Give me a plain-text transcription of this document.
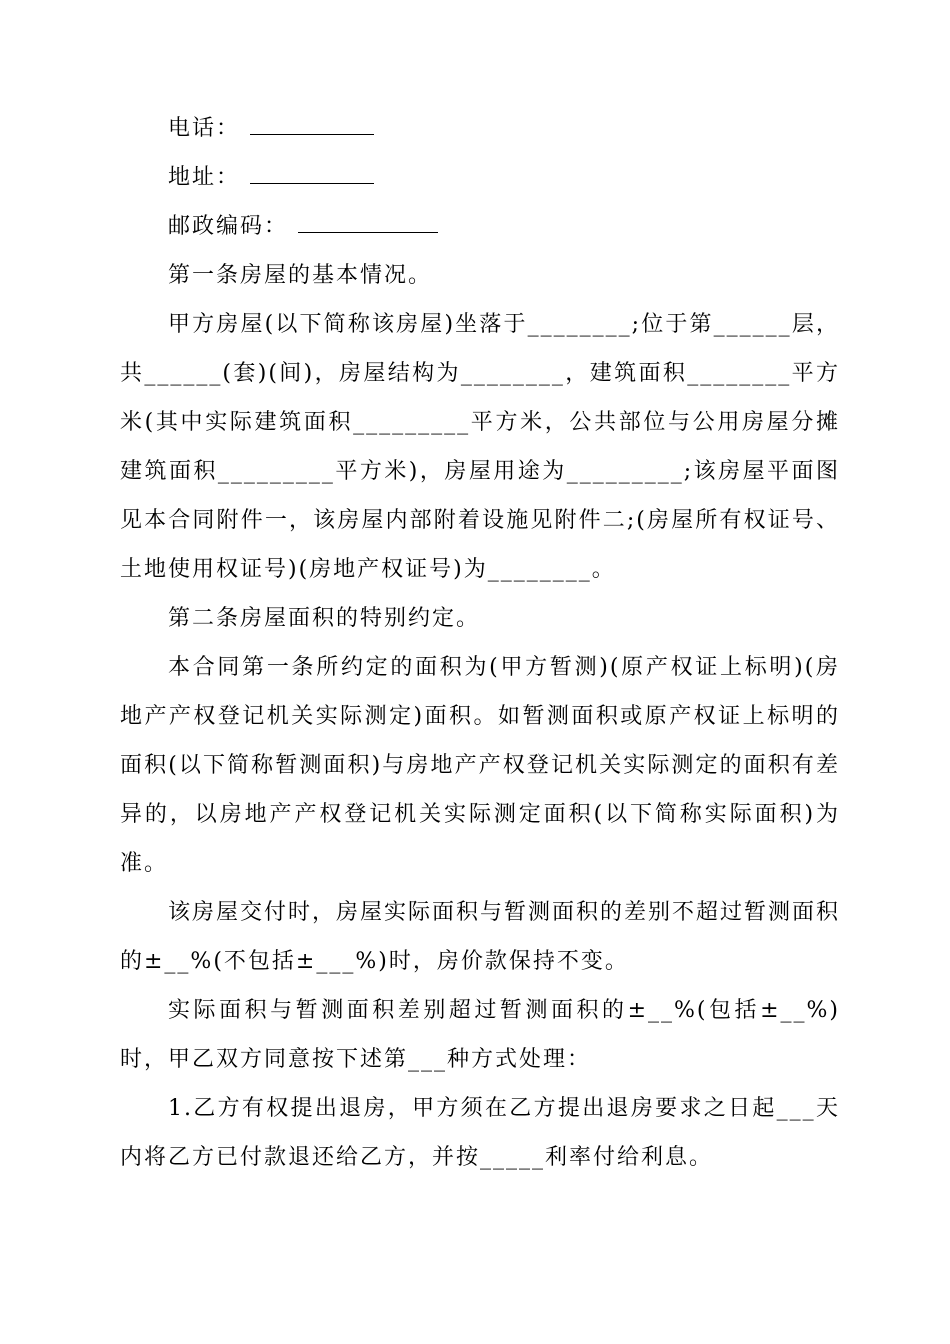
电话：

地址：

邮政编码：

第一条房屋的基本情况。

甲方房屋(以下简称该房屋)坐落于________;位于第______层，共______(套)(间)，房屋结构为________，建筑面积________平方米(其中实际建筑面积_________平方米，公共部位与公用房屋分摊建筑面积_________平方米)，房屋用途为_________;该房屋平面图见本合同附件一，该房屋内部附着设施见附件二;(房屋所有权证号、土地使用权证号)(房地产权证号)为________。

第二条房屋面积的特别约定。

本合同第一条所约定的面积为(甲方暂测)(原产权证上标明)(房地产产权登记机关实际测定)面积。如暂测面积或原产权证上标明的面积(以下简称暂测面积)与房地产产权登记机关实际测定的面积有差异的，以房地产产权登记机关实际测定面积(以下简称实际面积)为准。

该房屋交付时，房屋实际面积与暂测面积的差别不超过暂测面积的±__%(不包括±___%)时，房价款保持不变。

实际面积与暂测面积差别超过暂测面积的±__%(包括±__%)时，甲乙双方同意按下述第___种方式处理：

1.乙方有权提出退房，甲方须在乙方提出退房要求之日起___天内将乙方已付款退还给乙方，并按_____利率付给利息。
